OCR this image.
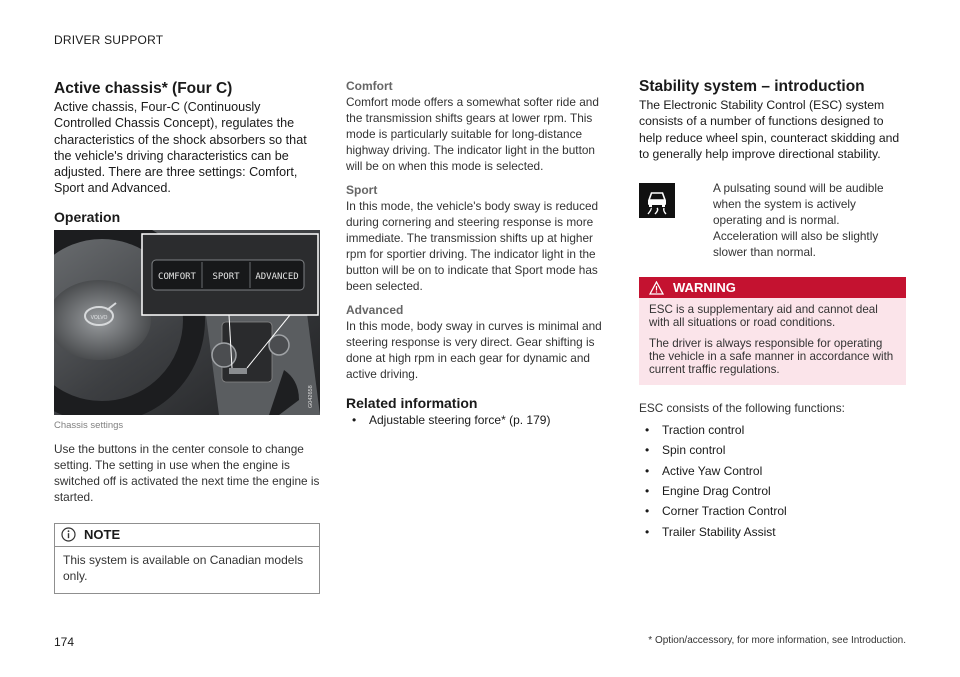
DRIVER SUPPORT
Active chassis* (Four C)

Active chassis, Four-C (Continuously Controlled Chassis Concept), regulates the characteristics of the shock absorbers so that the vehicle's driving characteristics can be adjusted. There are three settings: Comfort, Sport and Advanced.

Operation
VOLVO
COMFORT SPORT ADVANCED
G042658
Chassis settings

Use the buttons in the center console to change setting. The setting in use when the engine is switched off is activated the next time the engine is started.

NOTE
This system is available on Canadian models only.
Comfort

Comfort mode offers a somewhat softer ride and the transmission shifts gears at lower rpm. This mode is particularly suitable for long-distance highway driving. The indicator light in the button will be on when this mode is selected.

Sport

In this mode, the vehicle's body sway is reduced during cornering and steering response is more immediate. The transmission shifts up at higher rpm for sportier driving. The indicator light in the button will be on to indicate that Sport mode has been selected.

Advanced

In this mode, body sway in curves is minimal and steering response is very direct. Gear shifting is done at high rpm in each gear for dynamic and active driving.

Related information
• Adjustable steering force* (p. 179)
Stability system – introduction

The Electronic Stability Control (ESC) system consists of a number of functions designed to help reduce wheel spin, counteract skidding and to generally help improve directional stability.

A pulsating sound will be audible when the system is actively operating and is normal. Acceleration will also be slightly slower than normal.

WARNING

ESC is a supplementary aid and cannot deal with all situations or road conditions.

The driver is always responsible for operating the vehicle in a safe manner in accordance with current traffic regulations.

ESC consists of the following functions:

• Traction control
• Spin control
• Active Yaw Control
• Engine Drag Control
• Corner Traction Control
• Trailer Stability Assist
174	* Option/accessory, for more information, see Introduction.
